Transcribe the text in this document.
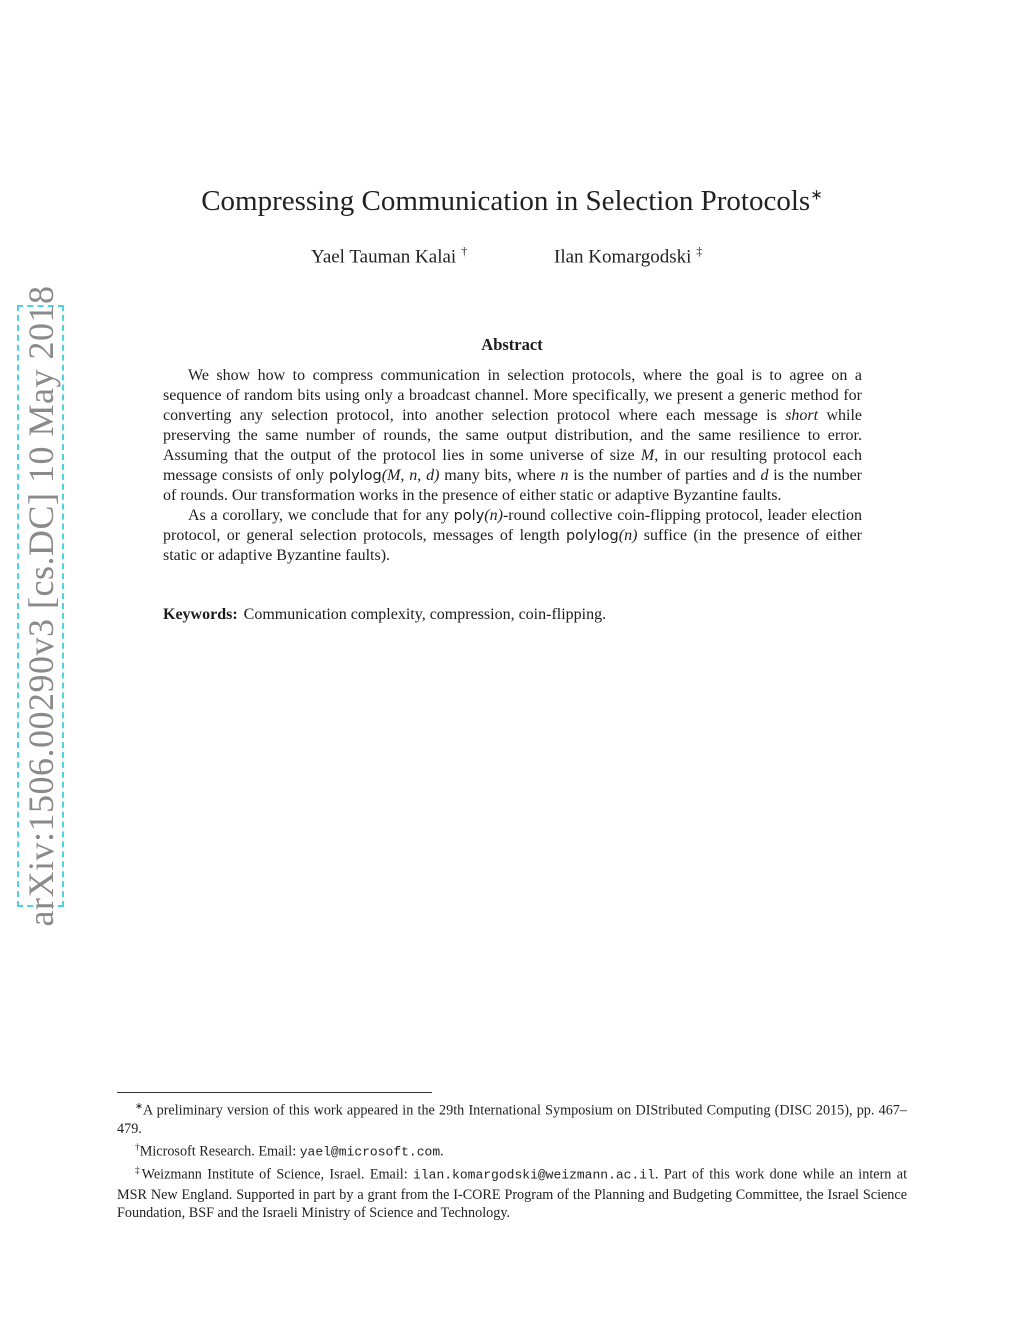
arXiv:1506.00290v3 [cs.DC] 10 May 2018
Compressing Communication in Selection Protocols∗
Yael Tauman Kalai †	Ilan Komargodski ‡
Abstract

We show how to compress communication in selection protocols, where the goal is to agree on a sequence of random bits using only a broadcast channel. More specifically, we present a generic method for converting any selection protocol, into another selection protocol where each message is short while preserving the same number of rounds, the same output distribution, and the same resilience to error. Assuming that the output of the protocol lies in some universe of size M, in our resulting protocol each message consists of only polylog(M, n, d) many bits, where n is the number of parties and d is the number of rounds. Our transformation works in the presence of either static or adaptive Byzantine faults.

As a corollary, we conclude that for any poly(n)-round collective coin-flipping protocol, leader election protocol, or general selection protocols, messages of length polylog(n) suffice (in the presence of either static or adaptive Byzantine faults).

Keywords: Communication complexity, compression, coin-flipping.

∗A preliminary version of this work appeared in the 29th International Symposium on DIStributed Computing (DISC 2015), pp. 467–479.

†Microsoft Research. Email: yael@microsoft.com.

‡Weizmann Institute of Science, Israel. Email: ilan.komargodski@weizmann.ac.il. Part of this work done while an intern at MSR New England. Supported in part by a grant from the I-CORE Program of the Planning and Budgeting Committee, the Israel Science Foundation, BSF and the Israeli Ministry of Science and Technology.
